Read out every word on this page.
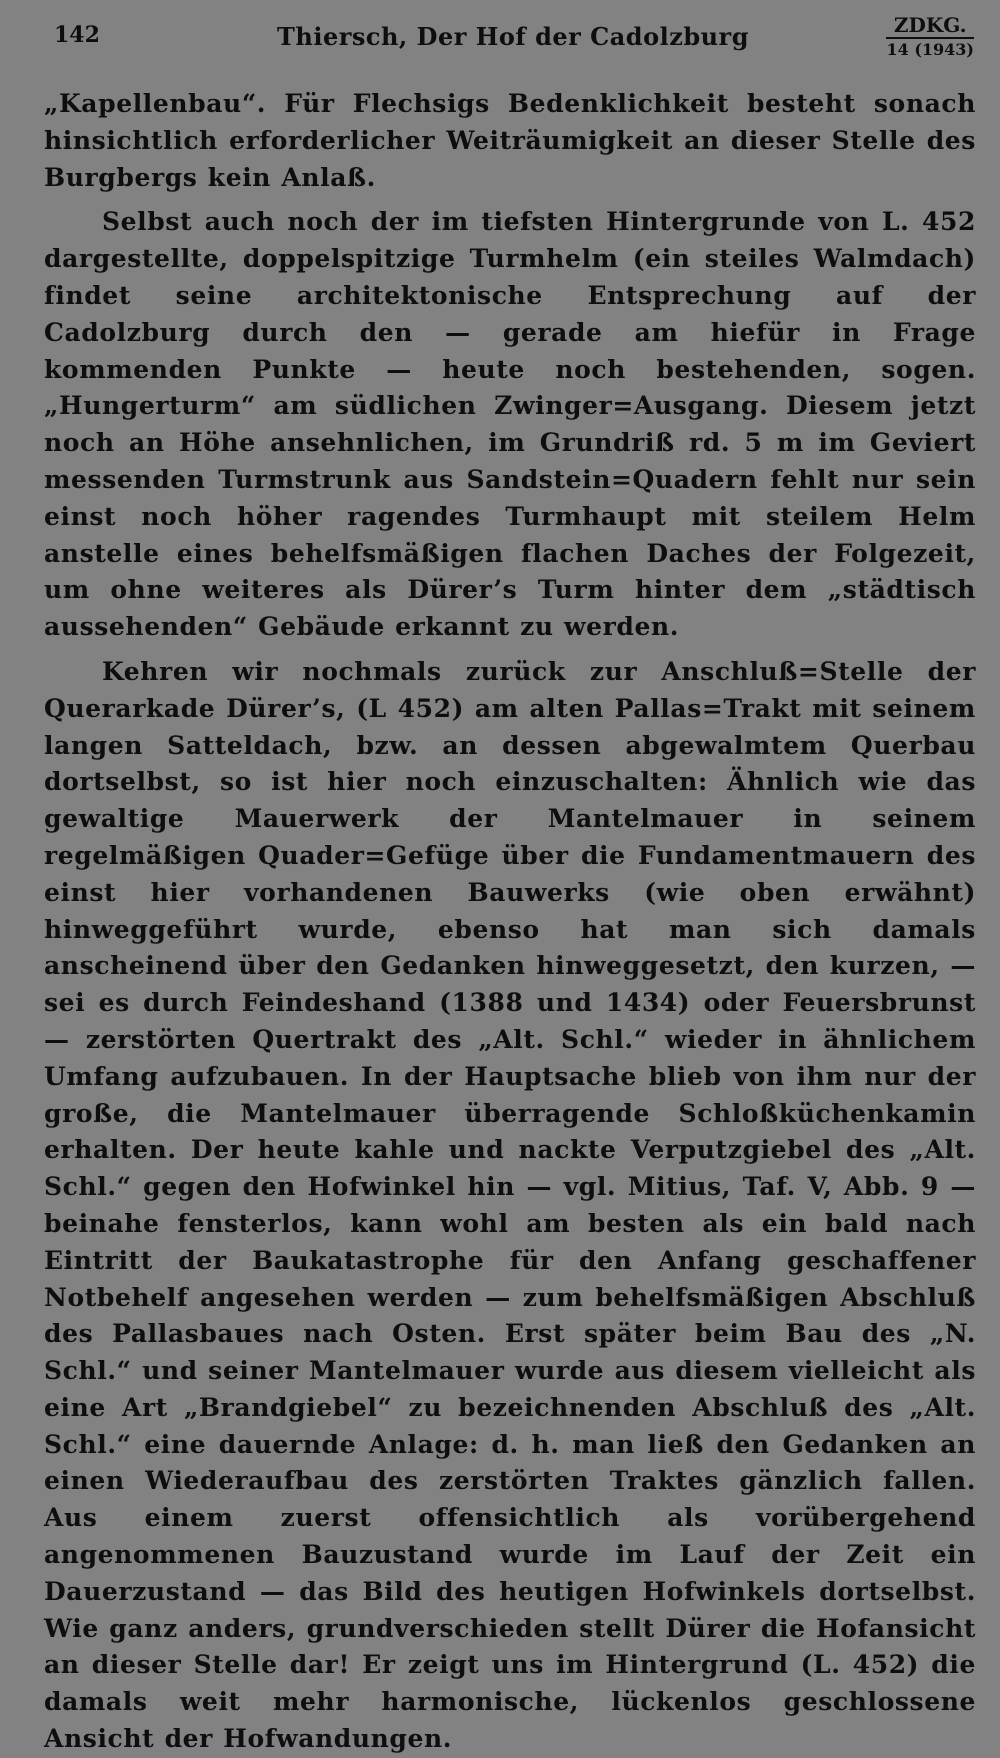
142	Thiersch, Der Hof der Cadolzburg	ZDKG.
14 (1943)

„Kapellenbau“. Für Flechsigs Bedenklichkeit besteht sonach hinsichtlich erforderlicher Weiträumigkeit an dieser Stelle des Burgbergs kein Anlaß.

Selbst auch noch der im tiefsten Hintergrunde von L. 452 dargestellte, doppelspitzige Turmhelm (ein steiles Walmdach) findet seine architektonische Entsprechung auf der Cadolzburg durch den — gerade am hiefür in Frage kommenden Punkte — heute noch bestehenden, sogen. „Hungerturm“ am südlichen Zwinger=Ausgang. Diesem jetzt noch an Höhe ansehnlichen, im Grundriß rd. 5 m im Geviert messenden Turmstrunk aus Sandstein=Quadern fehlt nur sein einst noch höher ragendes Turmhaupt mit steilem Helm anstelle eines behelfsmäßigen flachen Daches der Folgezeit, um ohne weiteres als Dürer’s Turm hinter dem „städtisch aussehenden“ Gebäude erkannt zu werden.

Kehren wir nochmals zurück zur Anschluß=Stelle der Querarkade Dürer’s, (L 452) am alten Pallas=Trakt mit seinem langen Satteldach, bzw. an dessen abgewalmtem Querbau dortselbst, so ist hier noch einzuschalten: Ähnlich wie das gewaltige Mauerwerk der Mantelmauer in seinem regelmäßigen Quader=Gefüge über die Fundamentmauern des einst hier vorhandenen Bauwerks (wie oben erwähnt) hinweggeführt wurde, ebenso hat man sich damals anscheinend über den Gedanken hinweggesetzt, den kurzen, — sei es durch Feindeshand (1388 und 1434) oder Feuersbrunst — zerstörten Quertrakt des „Alt. Schl.“ wieder in ähnlichem Umfang aufzubauen. In der Hauptsache blieb von ihm nur der große, die Mantelmauer überragende Schloßküchenkamin erhalten. Der heute kahle und nackte Verputzgiebel des „Alt. Schl.“ gegen den Hofwinkel hin — vgl. Mitius, Taf. V, Abb. 9 — beinahe fensterlos, kann wohl am besten als ein bald nach Eintritt der Baukatastrophe für den Anfang geschaffener Notbehelf angesehen werden — zum behelfsmäßigen Abschluß des Pallasbaues nach Osten. Erst später beim Bau des „N. Schl.“ und seiner Mantelmauer wurde aus diesem vielleicht als eine Art „Brandgiebel“ zu bezeichnenden Abschluß des „Alt. Schl.“ eine dauernde Anlage: d. h. man ließ den Gedanken an einen Wiederaufbau des zerstörten Traktes gänzlich fallen. Aus einem zuerst offensichtlich als vorübergehend angenommenen Bauzustand wurde im Lauf der Zeit ein Dauerzustand — das Bild des heutigen Hofwinkels dortselbst. Wie ganz anders, grundverschieden stellt Dürer die Hofansicht an dieser Stelle dar! Er zeigt uns im Hintergrund (L. 452) die damals weit mehr harmonische, lückenlos geschlossene Ansicht der Hofwandungen.
